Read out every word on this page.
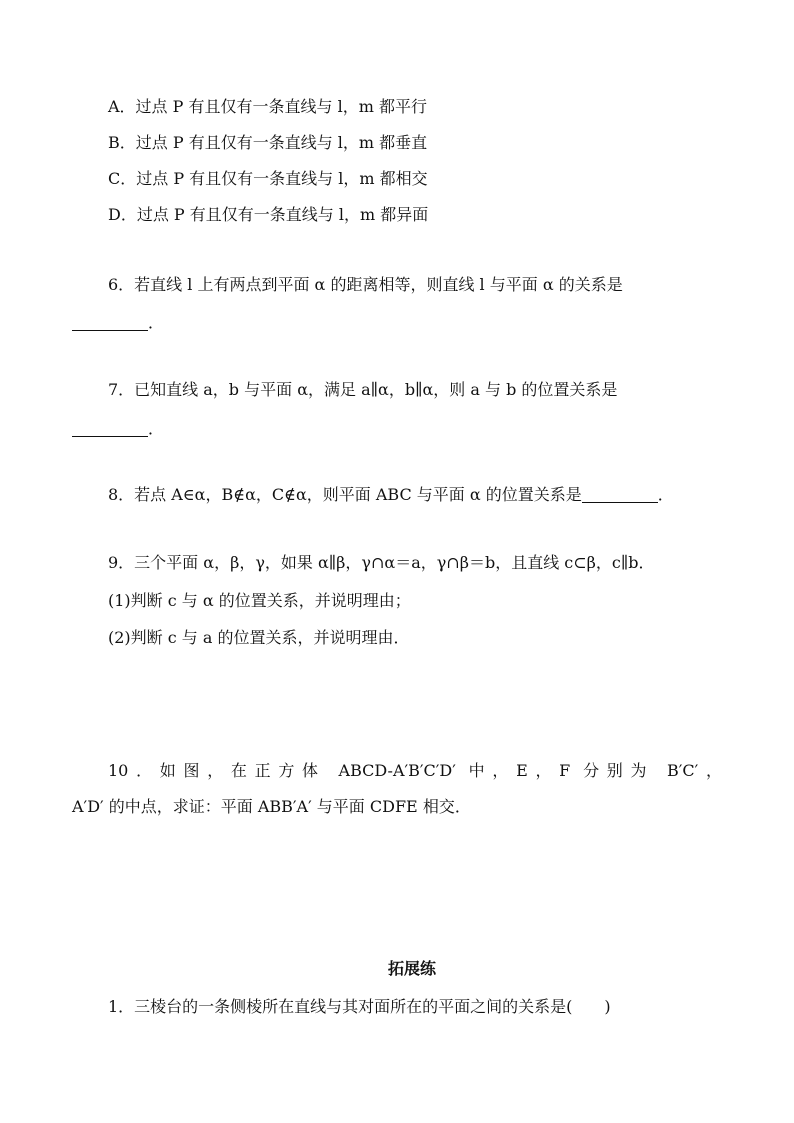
A．过点 P 有且仅有一条直线与 l，m 都平行
B．过点 P 有且仅有一条直线与 l，m 都垂直
C．过点 P 有且仅有一条直线与 l，m 都相交
D．过点 P 有且仅有一条直线与 l，m 都异面
6．若直线 l 上有两点到平面 α 的距离相等，则直线 l 与平面 α 的关系是
．
7．已知直线 a，b 与平面 α，满足 a∥α，b∥α，则 a 与 b 的位置关系是
．
8．若点 A∈α，B∉α，C∉α，则平面 ABC 与平面 α 的位置关系是	．
9．三个平面 α，β，γ，如果 α∥β，γ∩α＝a，γ∩β＝b，且直线 c⊂β，c∥b．
(1)判断 c 与 α 的位置关系，并说明理由；
(2)判断 c 与 a 的位置关系，并说明理由．
10．如图，在正方体 ABCD-A′B′C′D′ 中，E，F 分别为 B′C′，
A′D′ 的中点，求证：平面 ABB′A′ 与平面 CDFE 相交．
拓展练
1．三棱台的一条侧棱所在直线与其对面所在的平面之间的关系是(　　)
